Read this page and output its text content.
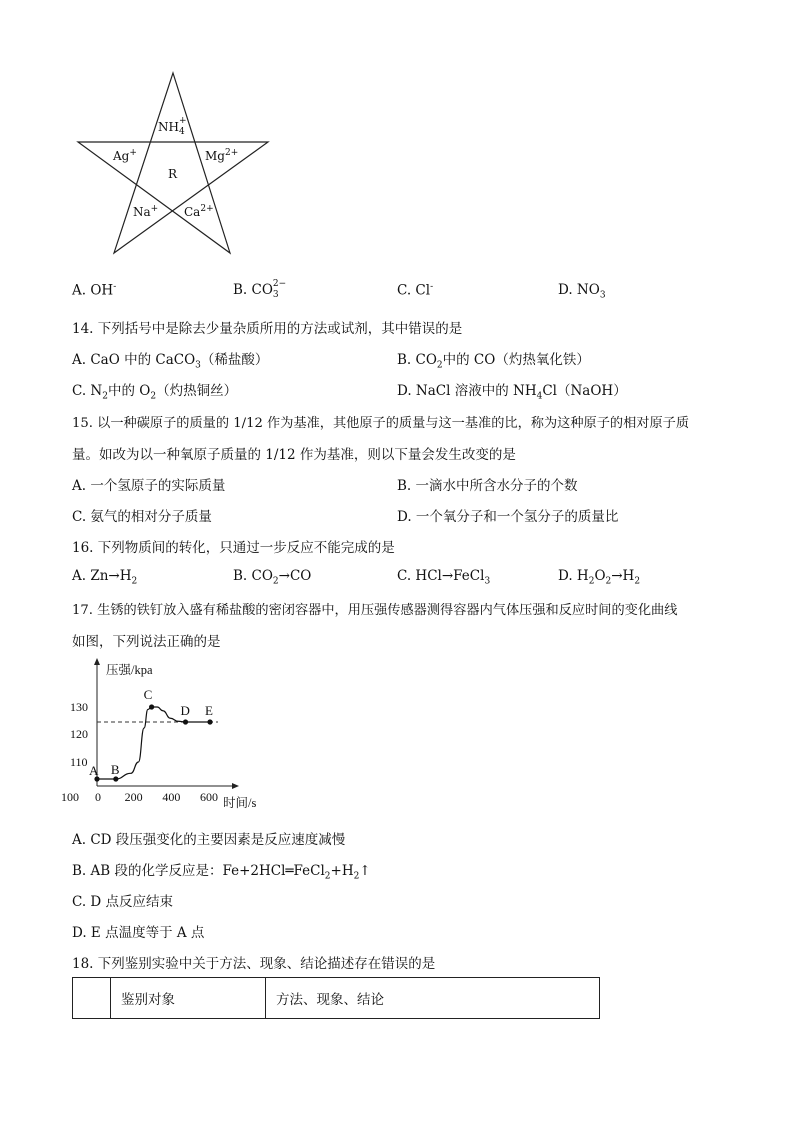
NH +
4
Ag+	$Mg^{2+}$
R
Na+ $Ca^{2+}$
A. OH-	B. CO 2−
3	C. Cl-	D. $NO_3$
14. 下列括号中是除去少量杂质所用的方法或试剂，其中错误的是
A. CaO 中的 CaCO$_3$（稀盐酸）	B. $CO_2$中的 CO（灼热氧化铁）
C. $N_2$中的 $O_2$（灼热铜丝）	D. NaCl 溶液中的 $NH_4Cl(NaOH)$
15. 以一种碳原子的质量的 1/12 作为基准，其他原子的质量与这一基准的比，称为这种原子的相对原子质
量。如改为以一种氧原子质量的 1/12 作为基准，则以下量会发生改变的是
A. 一个氢原子的实际质量	B. 一滴水中所含水分子的个数
C. 氨气的相对分子质量	D. 一个氧分子和一个氢分子的质量比
16. 下列物质间的转化，只通过一步反应不能完成的是
A. $Zn\to H_2$	B. $CO_2\to CO$	C. HCl→FeCl$_3$	D. $H_2O_2\to H_2$
17. 生锈的铁钉放入盛有稀盐酸的密闭容器中，用压强传感器测得容器内气体压强和反应时间的变化曲线
如图，下列说法正确的是
压强/kpa
时间/s
130
120
110
100 0 200 400 600
A B
C
D E
A. CD 段压强变化的主要因素是反应速度减慢
B. AB 段的化学反应是：$Fe+2HCl═FeCl_2+H_2↑$
C. D 点反应结束
D. E 点温度等于 A 点
18. 下列鉴别实验中关于方法、现象、结论描述存在错误的是
	鉴别对象	方法、现象、结论
